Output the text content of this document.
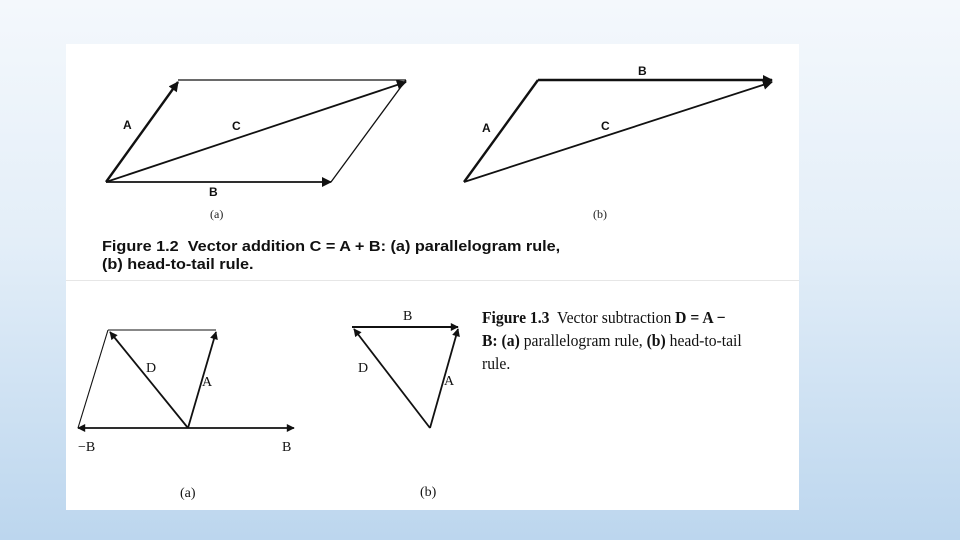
A	C
B
(a)
A
B
C
(b)
D
A
−B	B
(a)
B
D
A
(b)

Figure 1.2 Vector addition C = A + B: (a) parallelogram rule,
(b) head-to-tail rule.

Figure 1.3 Vector subtraction D = A −
B: (a) parallelogram rule, (b) head-to-tail
rule.
